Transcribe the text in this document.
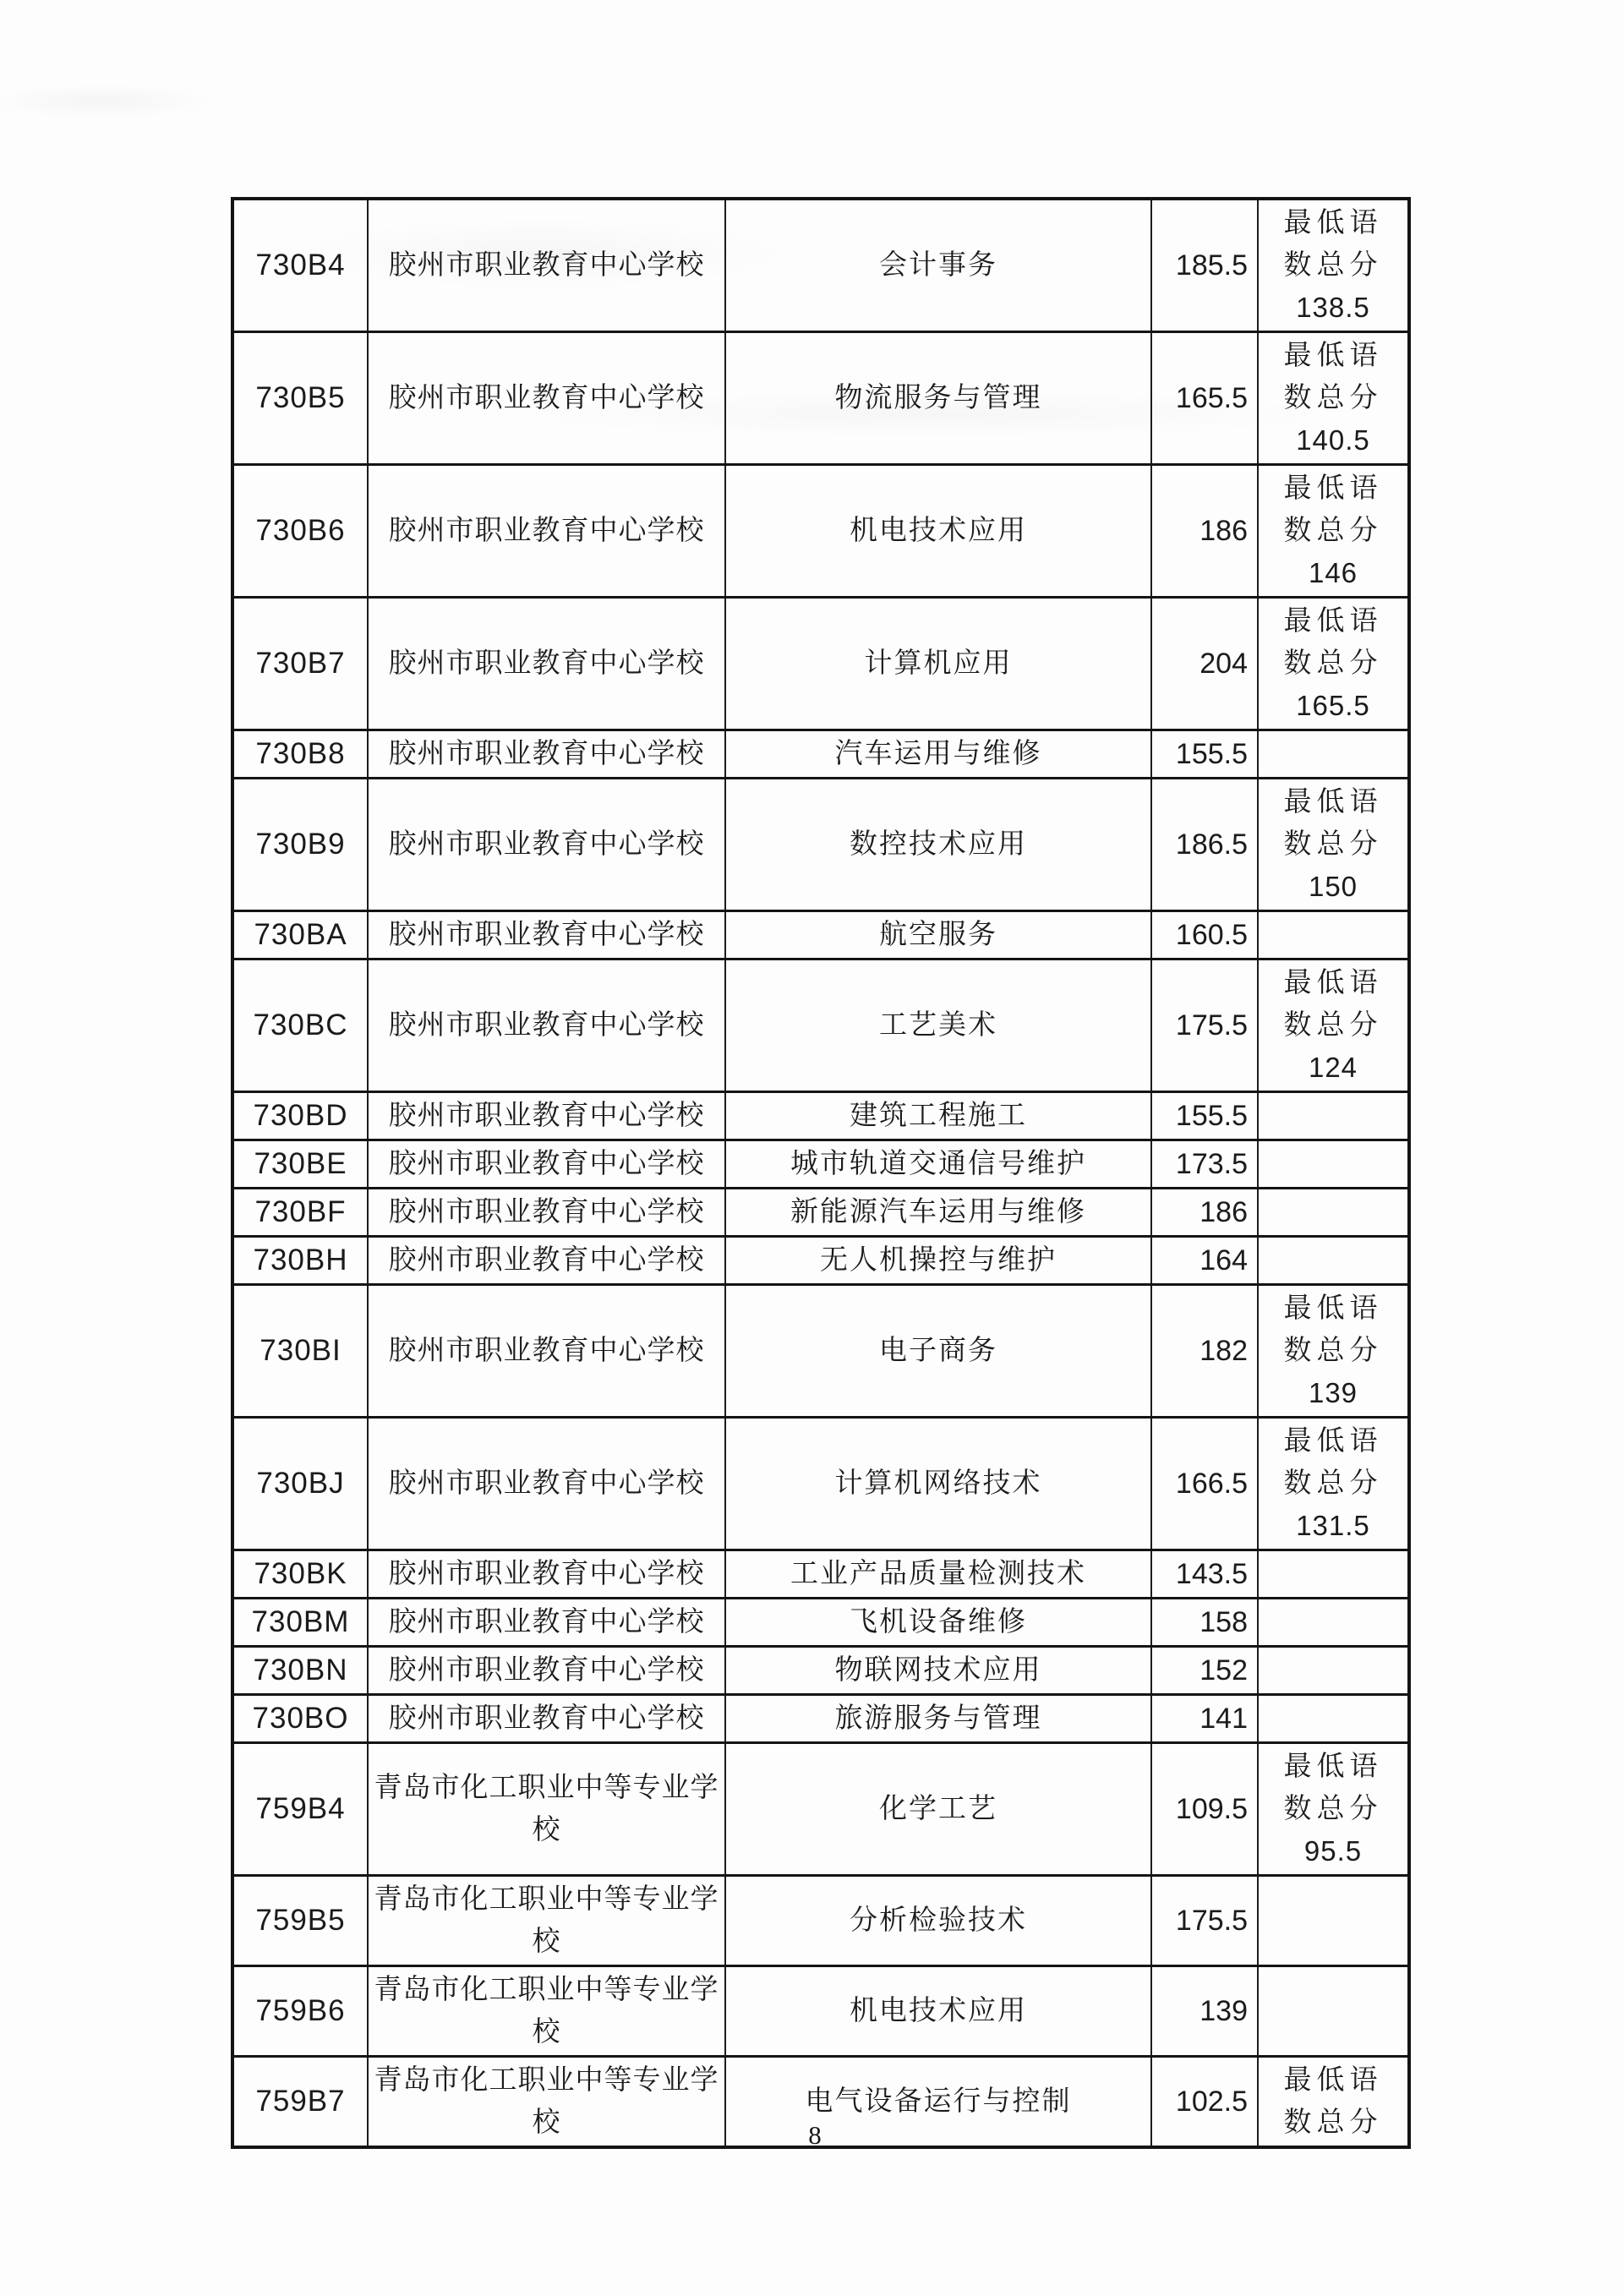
730B4	胶州市职业教育中心学校	会计事务	185.5	最低语数总分
138.5

730B5	胶州市职业教育中心学校	物流服务与管理	165.5	最低语数总分
140.5

730B6	胶州市职业教育中心学校	机电技术应用	186	最低语数总分
146

730B7	胶州市职业教育中心学校	计算机应用	204	最低语数总分
165.5

730B8	胶州市职业教育中心学校	汽车运用与维修	155.5	

730B9	胶州市职业教育中心学校	数控技术应用	186.5	最低语数总分
150

730BA	胶州市职业教育中心学校	航空服务	160.5	

730BC	胶州市职业教育中心学校	工艺美术	175.5	最低语数总分
124

730BD	胶州市职业教育中心学校	建筑工程施工	155.5	

730BE	胶州市职业教育中心学校	城市轨道交通信号维护	173.5	

730BF	胶州市职业教育中心学校	新能源汽车运用与维修	186	

730BH	胶州市职业教育中心学校	无人机操控与维护	164	

730BI	胶州市职业教育中心学校	电子商务	182	最低语数总分
139

730BJ	胶州市职业教育中心学校	计算机网络技术	166.5	最低语数总分
131.5

730BK	胶州市职业教育中心学校	工业产品质量检测技术	143.5	

730BM	胶州市职业教育中心学校	飞机设备维修	158	

730BN	胶州市职业教育中心学校	物联网技术应用	152	

730BO	胶州市职业教育中心学校	旅游服务与管理	141	

759B4	青岛市化工职业中等专业学校	化学工艺	109.5	最低语数总分
95.5

759B5	青岛市化工职业中等专业学校	分析检验技术	175.5	

759B6	青岛市化工职业中等专业学校	机电技术应用	139	

759B7	青岛市化工职业中等专业学校	电气设备运行与控制	102.5	最低语数总分
8
